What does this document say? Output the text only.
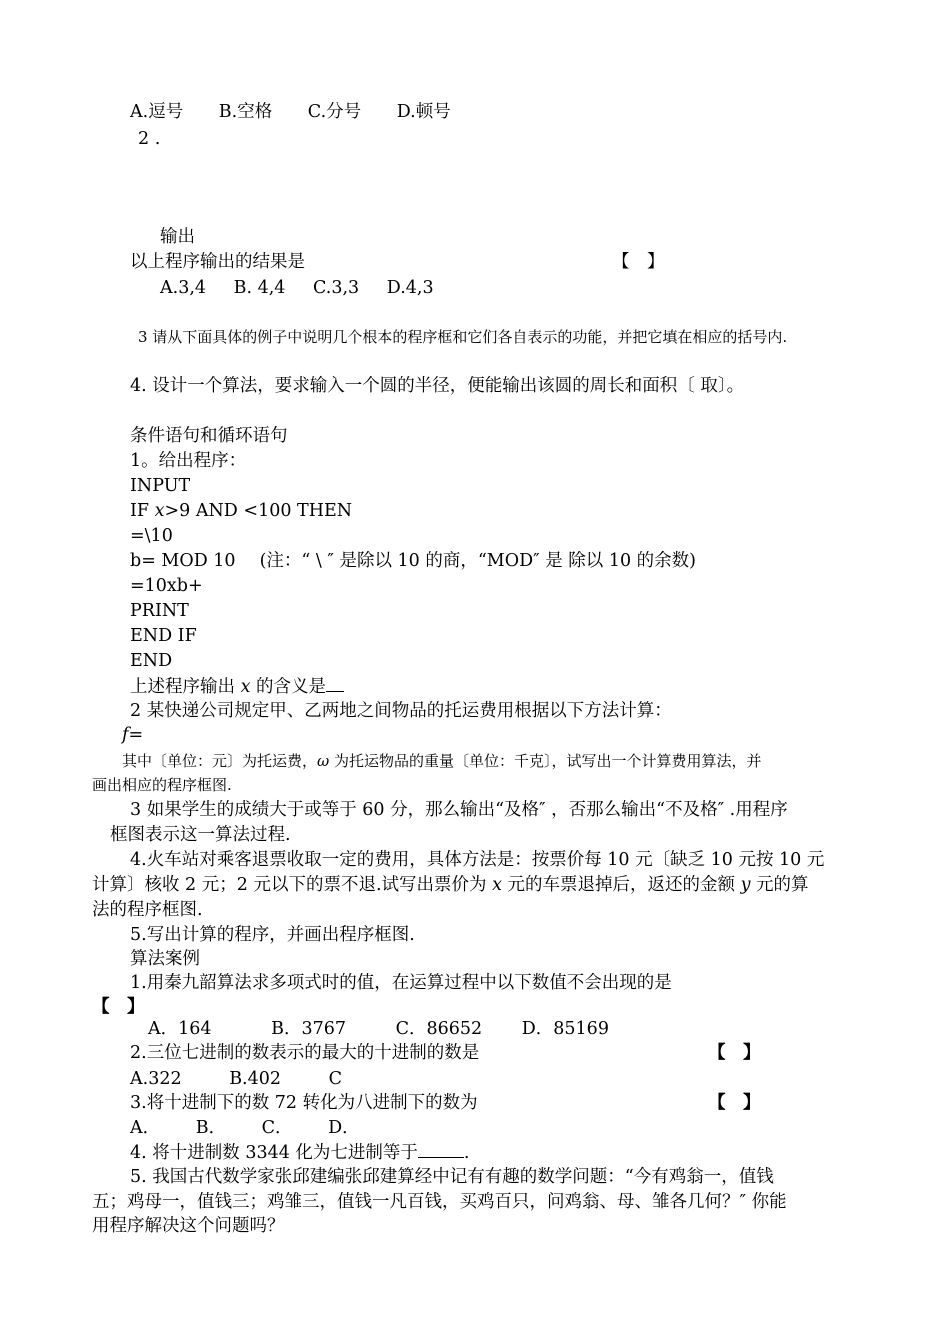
A.逗号 B.空格 C.分号 D.顿号
2 .
输出
以上程序输出的结果是	【　】
A.3,4 B. 4,4 C.3,3 D.4,3
3 请从下面具体的例子中说明几个根本的程序框和它们各自表示的功能，并把它填在相应的括号内.
4. 设计一个算法，要求输入一个圆的半径，便能输出该圆的周长和面积〔 取〕。
条件语句和循环语句
1。给出程序：
INPUT
IF x>9 AND <100 THEN
=\10
b= MOD 10 (注：“ \ ″ 是除以 10 的商，“MOD″ 是 除以 10 的余数)
=10xb+
PRINT
END IF
END
上述程序输出 x 的含义是
2 某快递公司规定甲、乙两地之间物品的托运费用根据以下方法计算：
f=
其中〔单位：元〕为托运费，ω 为托运物品的重量〔单位：千克〕，试写出一个计算费用算法，并
画出相应的程序框图.
3 如果学生的成绩大于或等于 60 分，那么输出“及格″ ，否那么输出“不及格″ .用程序
框图表示这一算法过程.
4.火车站对乘客退票收取一定的费用，具体方法是：按票价每 10 元〔缺乏 10 元按 10 元
计算〕核收 2 元；2 元以下的票不退.试写出票价为 x 元的车票退掉后，返还的金额 y 元的算
法的程序框图.
5.写出计算的程序，并画出程序框图.
算法案例
1.用秦九韶算法求多项式时的值，在运算过程中以下数值不会出现的是
【　】
A．164	B．3767	C．86652 D．85169
2.三位七进制的数表示的最大的十进制的数是	【　】
A.322	B.402	C
3.将十进制下的数 72 转化为八进制下的数为	【　】
A． B． C． D．
4. 将十进制数 3344 化为七进制等于	.
5. 我国古代数学家张邱建编张邱建算经中记有有趣的数学问题：“今有鸡翁一，值钱
五；鸡母一，值钱三；鸡雏三，值钱一凡百钱，买鸡百只，问鸡翁、母、雏各几何？″ 你能
用程序解决这个问题吗？
